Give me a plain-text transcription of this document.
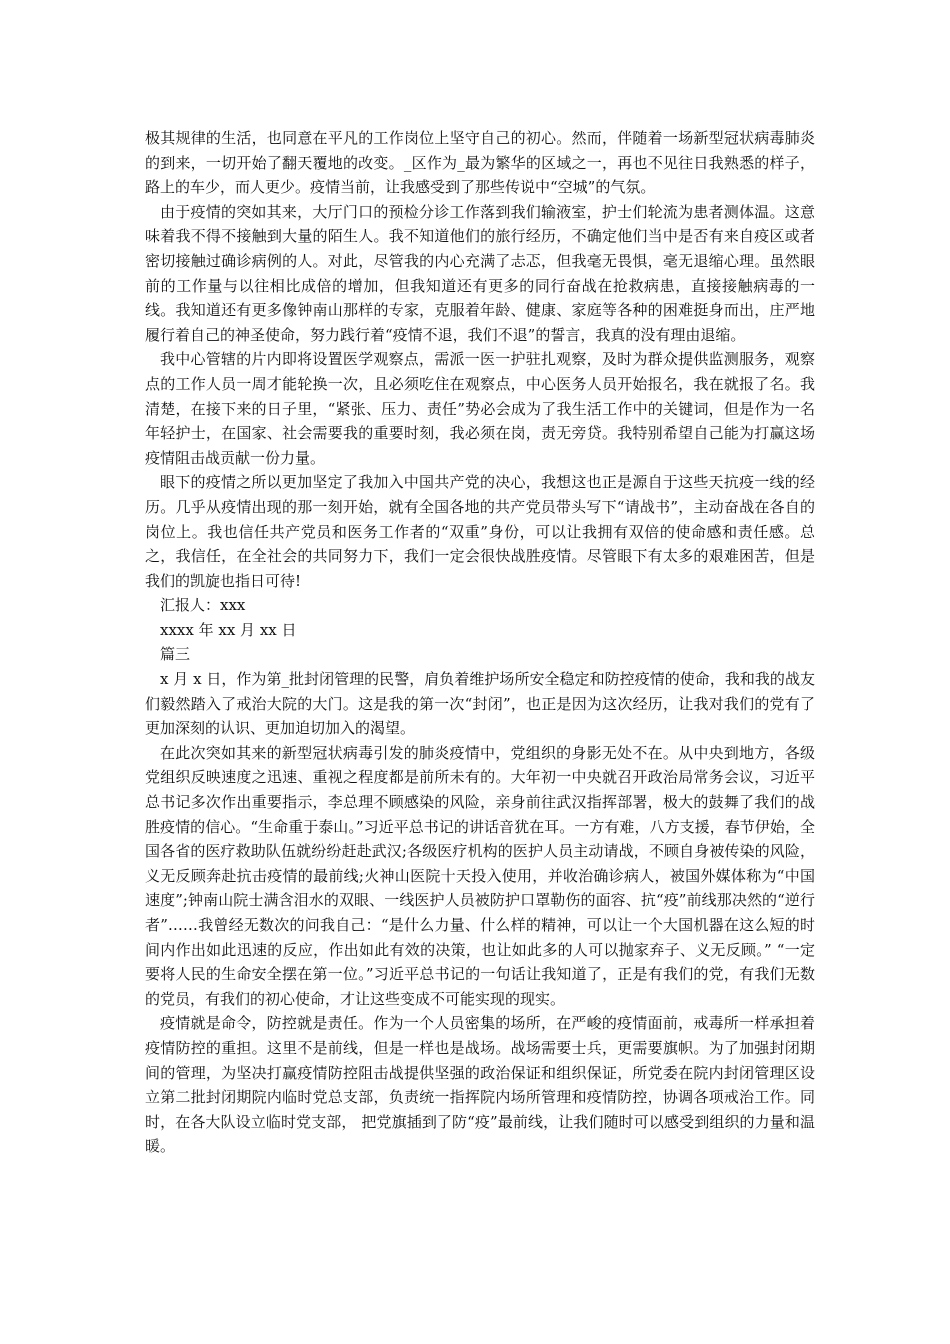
极其规律的生活，也同意在平凡的工作岗位上坚守自己的初心。然而，伴随着一场新型冠状病毒肺炎的到来，一切开始了翻天覆地的改变。_区作为_最为繁华的区域之一，再也不见往日我熟悉的样子，路上的车少，而人更少。疫情当前，让我感受到了那些传说中“空城”的气氛。

由于疫情的突如其来，大厅门口的预检分诊工作落到我们输液室，护士们轮流为患者测体温。这意味着我不得不接触到大量的陌生人。我不知道他们的旅行经历，不确定他们当中是否有来自疫区或者密切接触过确诊病例的人。对此，尽管我的内心充满了忐忑，但我毫无畏惧，毫无退缩心理。虽然眼前的工作量与以往相比成倍的增加，但我知道还有更多的同行奋战在抢救病患，直接接触病毒的一线。我知道还有更多像钟南山那样的专家，克服着年龄、健康、家庭等各种的困难挺身而出，庄严地履行着自己的神圣使命，努力践行着“疫情不退，我们不退”的誓言，我真的没有理由退缩。

我中心管辖的片内即将设置医学观察点，需派一医一护驻扎观察，及时为群众提供监测服务，观察点的工作人员一周才能轮换一次，且必须吃住在观察点，中心医务人员开始报名，我在就报了名。我清楚，在接下来的日子里，“紧张、压力、责任”势必会成为了我生活工作中的关键词，但是作为一名年轻护士，在国家、社会需要我的重要时刻，我必须在岗，责无旁贷。我特别希望自己能为打赢这场疫情阻击战贡献一份力量。

眼下的疫情之所以更加坚定了我加入中国共产党的决心，我想这也正是源自于这些天抗疫一线的经历。几乎从疫情出现的那一刻开始，就有全国各地的共产党员带头写下“请战书”，主动奋战在各自的岗位上。我也信任共产党员和医务工作者的“双重”身份，可以让我拥有双倍的使命感和责任感。总之，我信任，在全社会的共同努力下，我们一定会很快战胜疫情。尽管眼下有太多的艰难困苦，但是我们的凯旋也指日可待!

汇报人：xxx

xxxx 年 xx 月 xx 日

篇三

x 月 x 日，作为第_批封闭管理的民警，肩负着维护场所安全稳定和防控疫情的使命，我和我的战友们毅然踏入了戒治大院的大门。这是我的第一次“封闭”，也正是因为这次经历，让我对我们的党有了更加深刻的认识、更加迫切加入的渴望。

在此次突如其来的新型冠状病毒引发的肺炎疫情中，党组织的身影无处不在。从中央到地方，各级党组织反映速度之迅速、重视之程度都是前所未有的。大年初一中央就召开政治局常务会议，习近平总书记多次作出重要指示，李总理不顾感染的风险，亲身前往武汉指挥部署，极大的鼓舞了我们的战胜疫情的信心。“生命重于泰山。”习近平总书记的讲话音犹在耳。一方有难，八方支援，春节伊始，全国各省的医疗救助队伍就纷纷赶赴武汉;各级医疗机构的医护人员主动请战，不顾自身被传染的风险，义无反顾奔赴抗击疫情的最前线;火神山医院十天投入使用，并收治确诊病人，被国外媒体称为“中国速度”;钟南山院士满含泪水的双眼、一线医护人员被防护口罩勒伤的面容、抗“疫”前线那决然的“逆行者”……我曾经无数次的问我自己：“是什么力量、什么样的精神，可以让一个大国机器在这么短的时间内作出如此迅速的反应，作出如此有效的决策，也让如此多的人可以抛家弃子、义无反顾。” “一定要将人民的生命安全摆在第一位。”习近平总书记的一句话让我知道了，正是有我们的党，有我们无数的党员，有我们的初心使命，才让这些变成不可能实现的现实。

疫情就是命令，防控就是责任。作为一个人员密集的场所，在严峻的疫情面前，戒毒所一样承担着疫情防控的重担。这里不是前线，但是一样也是战场。战场需要士兵，更需要旗帜。为了加强封闭期间的管理，为坚决打赢疫情防控阻击战提供坚强的政治保证和组织保证，所党委在院内封闭管理区设立第二批封闭期院内临时党总支部，负责统一指挥院内场所管理和疫情防控，协调各项戒治工作。同时，在各大队设立临时党支部， 把党旗插到了防“疫”最前线，让我们随时可以感受到组织的力量和温暖。
